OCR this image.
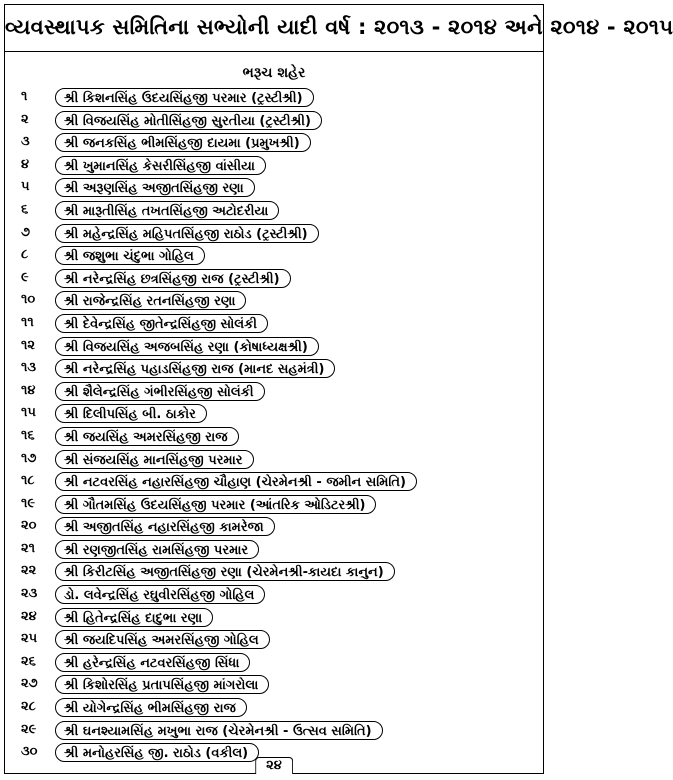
વ્યવસ્થાપક સમિતિના સભ્યોની યાદી વર્ષ : ૨૦૧૩ - ૨૦૧૪ અને ૨૦૧૪ - ૨૦૧૫
ભરૂચ શહેર
૧	શ્રી કિશનસિંહ ઉદયસિંહજી પરમાર (ટ્રસ્ટીશ્રી)
૨	શ્રી વિજયસિંહ મોતીસિંહજી સુરતીયા (ટ્રસ્ટીશ્રી)
૩	શ્રી જનકસિંહ ભીમસિંહજી દાયમા (પ્રમુખશ્રી)
૪	શ્રી ખુમાનસિંહ કેસરીસિંહજી વાંસીયા
૫	શ્રી અરૂણસિંહ અજીતસિંહજી રણા
૬	શ્રી મારૂતીસિંહ તખતસિંહજી અટોદરીયા
૭	શ્રી મહેન્દ્રસિંહ મહિપતસિંહજી રાઠોડ (ટ્રસ્ટીશ્રી)
૮	શ્રી જશુભા ચંદુભા ગોહિલ
૯	શ્રી નરેન્દ્રસિંહ છત્રસિંહજી રાજ (ટ્રસ્ટીશ્રી)
૧૦	શ્રી રાજેન્દ્રસિંહ રતનસિંહજી રણા
૧૧	શ્રી દેવેન્દ્રસિંહ જીતેન્દ્રસિંહજી સોલંકી
૧૨	શ્રી વિજયસિંહ અજબસિંહ રણા (કોષાધ્યક્ષશ્રી)
૧૩	શ્રી નરેન્દ્રસિંહ પહાડસિંહજી રાજ (માનદ સહમંત્રી)
૧૪	શ્રી શૈલેન્દ્રસિંહ ગંભીરસિંહજી સોલંકી
૧૫	શ્રી દિલીપસિંહ બી. ઠાકોર
૧૬	શ્રી જયસિંહ અમરસિંહજી રાજ
૧૭	શ્રી સંજયસિંહ માનસિંહજી પરમાર
૧૮	શ્રી નટવરસિંહ નહારસિંહજી ચૌહાણ (ચેરમેનશ્રી - જમીન સમિતિ)
૧૯	શ્રી ગૌતમસિંહ ઉદયસિંહજી પરમાર (આંતરિક ઓડિટરશ્રી)
૨૦	શ્રી અજીતસિંહ નહારસિંહજી કામરેજા
૨૧	શ્રી રણજીતસિંહ રામસિંહજી પરમાર
૨૨	શ્રી કિરીટસિંહ અજીતસિંહજી રણા (ચેરમેનશ્રી-કાયદા કાનુન)
૨૩	ડો. લવેન્દ્રસિંહ રઘુવીરસિંહજી ગોહિલ
૨૪	શ્રી હિતેન્દ્રસિંહ દાદુભા રણા
૨૫	શ્રી જયદિપસિંહ અમરસિંહજી ગોહિલ
૨૬	શ્રી હરેન્દ્રસિંહ નટવરસિંહજી સિંધા
૨૭	શ્રી કિશોરસિંહ પ્રતાપસિંહજી માંગરોલા
૨૮	શ્રી યોગેન્દ્રસિંહ ભીમસિંહજી રાજ
૨૯	શ્રી ઘનશ્યામસિંહ મખુભા રાજ (ચેરમેનશ્રી - ઉત્સવ સમિતિ)
૩૦	શ્રી મનોહરસિંહ જી. રાઠોડ (વકીલ)
૨૪
